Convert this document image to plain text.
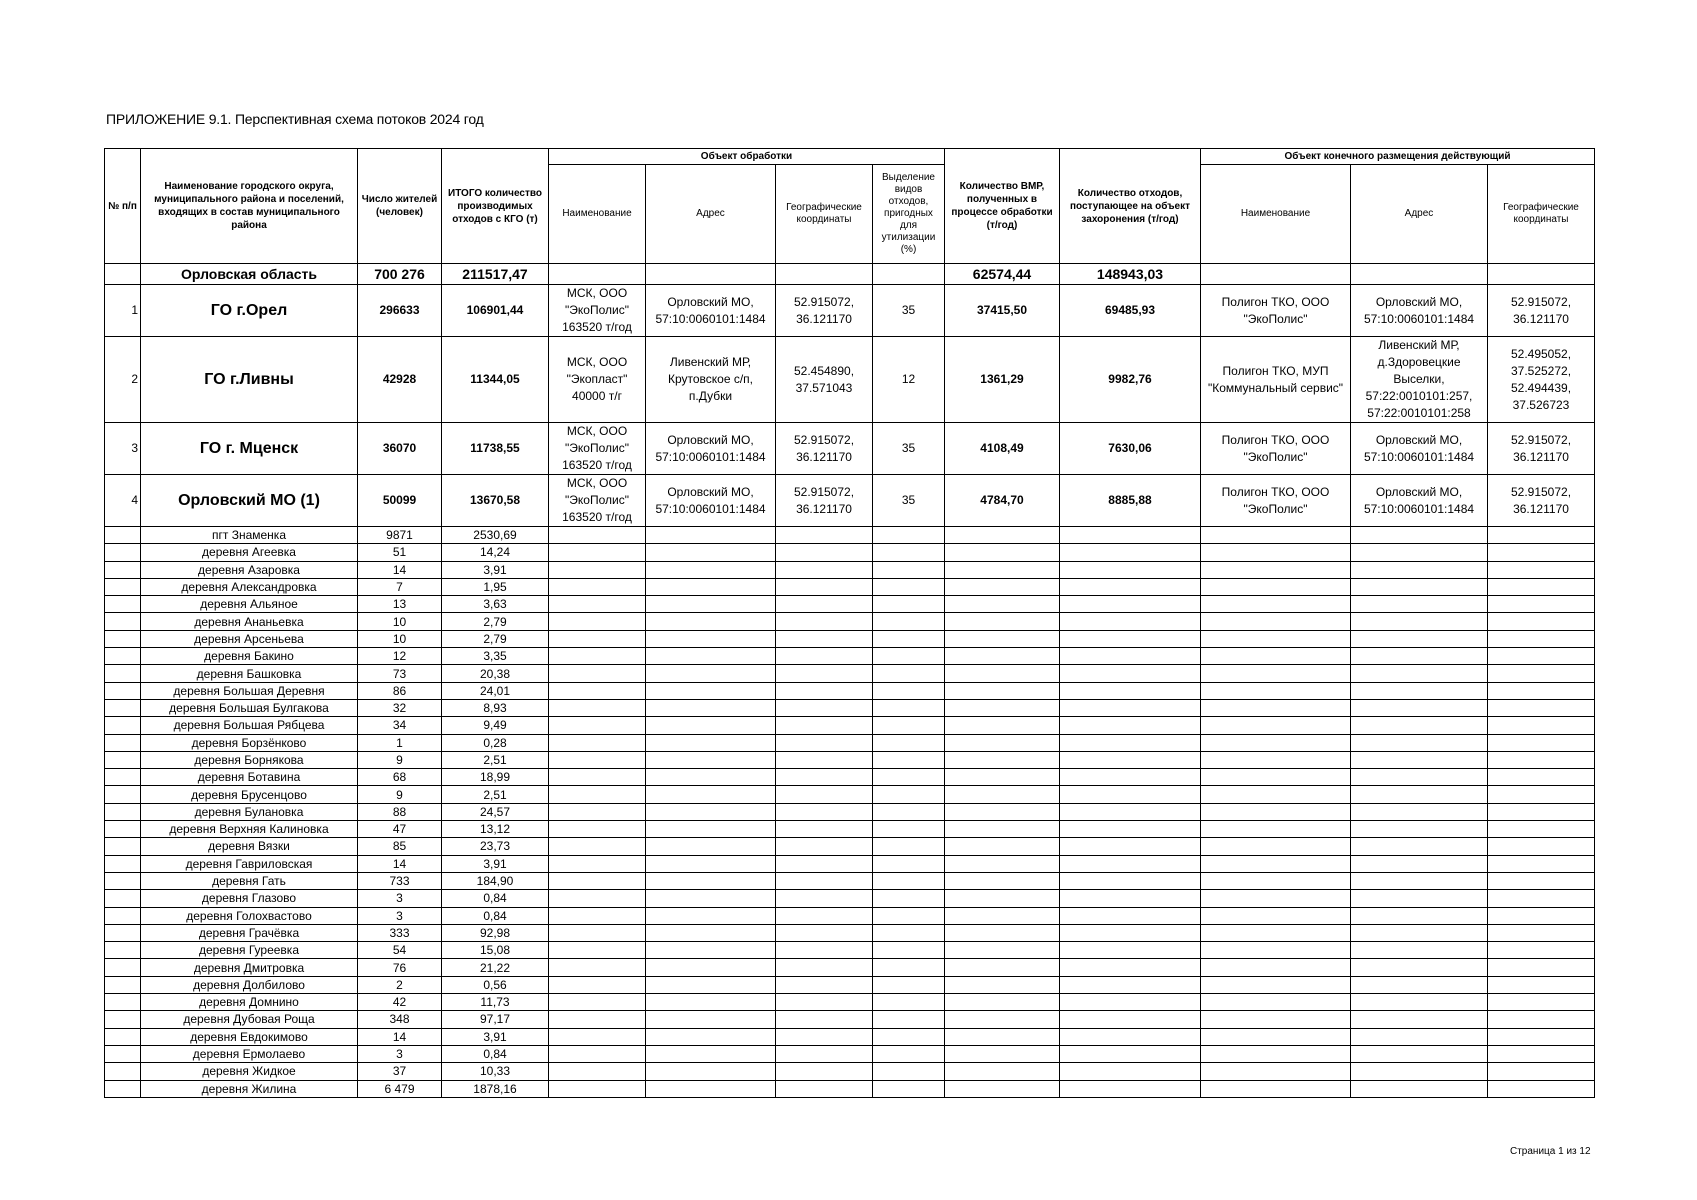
ПРИЛОЖЕНИЕ 9.1. Перспективная схема потоков 2024 год
№ п/п	Наименование городского округа, муниципального района и поселений, входящих в состав муниципального района	Число жителей (человек)	ИТОГО количество производимых отходов с КГО (т)	Объект обработки				Количество ВМР, полученных в процессе обработки (т/год)	Количество отходов, поступающее на объект захоронения (т/год)	Объект конечного размещения действующий		
				Наименование	Адрес	Географические координаты	Выделение видов отходов, пригодных для утилизации (%)			Наименование	Адрес	Географические координаты
	Орловская область	700 276	211517,47					62574,44	148943,03			
1	ГО г.Орел	296633	106901,44	МСК, ООО "ЭкоПолис" 163520 т/год	Орловский МО, 57:10:0060101:1484	52.915072, 36.121170	35	37415,50	69485,93	Полигон ТКО, ООО "ЭкоПолис"	Орловский МО, 57:10:0060101:1484	52.915072, 36.121170
2	ГО г.Ливны	42928	11344,05	МСК, ООО "Экопласт" 40000 т/г	Ливенский МР, Крутовское с/п, п.Дубки	52.454890, 37.571043	12	1361,29	9982,76	Полигон ТКО, МУП "Коммунальный сервис"	Ливенский МР, д.Здоровецкие Выселки, 57:22:0010101:257, 57:22:0010101:258	52.495052, 37.525272, 52.494439, 37.526723
3	ГО г. Мценск	36070	11738,55	МСК, ООО "ЭкоПолис" 163520 т/год	Орловский МО, 57:10:0060101:1484	52.915072, 36.121170	35	4108,49	7630,06	Полигон ТКО, ООО "ЭкоПолис"	Орловский МО, 57:10:0060101:1484	52.915072, 36.121170
4	Орловский МО (1)	50099	13670,58	МСК, ООО "ЭкоПолис" 163520 т/год	Орловский МО, 57:10:0060101:1484	52.915072, 36.121170	35	4784,70	8885,88	Полигон ТКО, ООО "ЭкоПолис"	Орловский МО, 57:10:0060101:1484	52.915072, 36.121170
	пгт Знаменка	9871	2530,69									
	деревня Агеевка	51	14,24									
	деревня Азаровка	14	3,91									
	деревня Александровка	7	1,95									
	деревня Альяное	13	3,63									
	деревня Ананьевка	10	2,79									
	деревня Арсеньева	10	2,79									
	деревня Бакино	12	3,35									
	деревня Башковка	73	20,38									
	деревня Большая Деревня	86	24,01									
	деревня Большая Булгакова	32	8,93									
	деревня Большая Рябцева	34	9,49									
	деревня Борзёнково	1	0,28									
	деревня Борнякова	9	2,51									
	деревня Ботавина	68	18,99									
	деревня Брусенцово	9	2,51									
	деревня Булановка	88	24,57									
	деревня Верхняя Калиновка	47	13,12									
	деревня Вязки	85	23,73									
	деревня Гавриловская	14	3,91									
	деревня Гать	733	184,90									
	деревня Глазово	3	0,84									
	деревня Голохвастово	3	0,84									
	деревня Грачёвка	333	92,98									
	деревня Гуреевка	54	15,08									
	деревня Дмитровка	76	21,22									
	деревня Долбилово	2	0,56									
	деревня Домнино	42	11,73									
	деревня Дубовая Роща	348	97,17									
	деревня Евдокимово	14	3,91									
	деревня Ермолаево	3	0,84									
	деревня Жидкое	37	10,33									
	деревня Жилина	6 479	1878,16									
Страница 1 из 12
